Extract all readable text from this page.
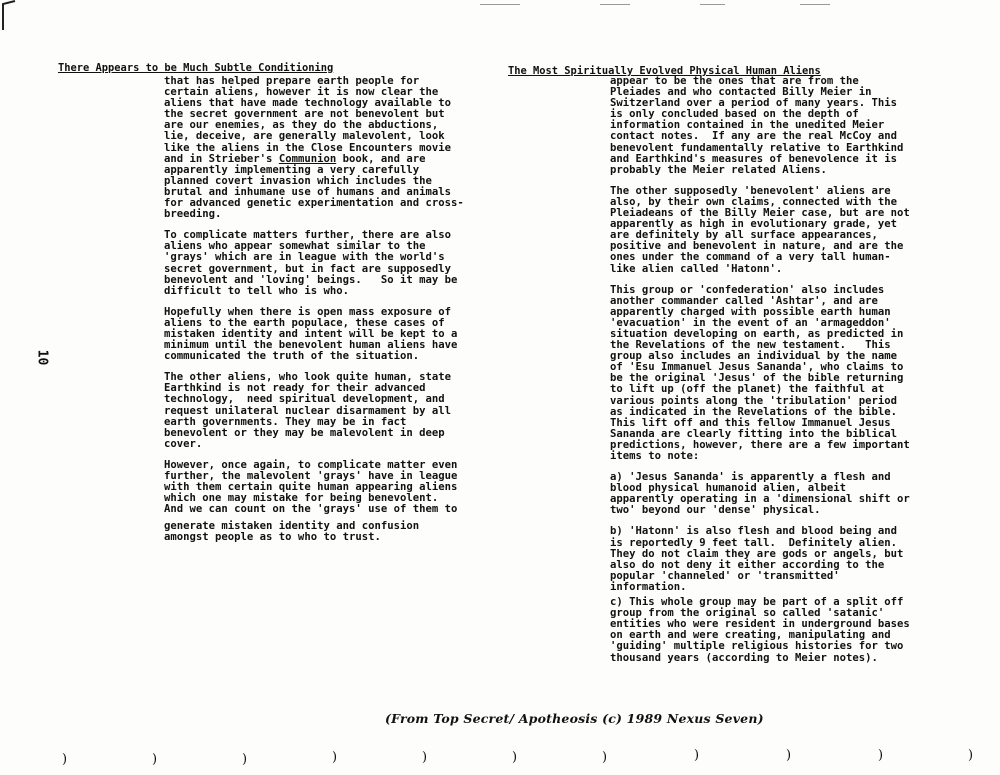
There Appears to be Much Subtle Conditioning

that has helped prepare earth people for
certain aliens, however it is now clear the
aliens that have made technology available to
the secret government are not benevolent but
are our enemies, as they do the abductions,
lie, deceive, are generally malevolent, look
like the aliens in the Close Encounters movie
and in Strieber's Communion book, and are
apparently implementing a very carefully
planned covert invasion which includes the
brutal and inhumane use of humans and animals
for advanced genetic experimentation and cross-
breeding.

To complicate matters further, there are also
aliens who appear somewhat similar to the
'grays' which are in league with the world's
secret government, but in fact are supposedly
benevolent and 'loving' beings.   So it may be
difficult to tell who is who.

Hopefully when there is open mass exposure of
aliens to the earth populace, these cases of
mistaken identity and intent will be kept to a
minimum until the benevolent human aliens have
communicated the truth of the situation.

The other aliens, who look quite human, state
Earthkind is not ready for their advanced
technology,  need spiritual development, and
request unilateral nuclear disarmament by all
earth governments. They may be in fact
benevolent or they may be malevolent in deep
cover.

However, once again, to complicate matter even
further, the malevolent 'grays' have in league
with them certain quite human appearing aliens
which one may mistake for being benevolent.
And we can count on the 'grays' use of them to

generate mistaken identity and confusion
amongst people as to who to trust.

10
The Most Spiritually Evolved Physical Human Aliens

appear to be the ones that are from the
Pleiades and who contacted Billy Meier in
Switzerland over a period of many years. This
is only concluded based on the depth of
information contained in the unedited Meier
contact notes.  If any are the real McCoy and
benevolent fundamentally relative to Earthkind
and Earthkind's measures of benevolence it is
probably the Meier related Aliens.

The other supposedly 'benevolent' aliens are
also, by their own claims, connected with the
Pleiadeans of the Billy Meier case, but are not
apparently as high in evolutionary grade, yet
are definitely by all surface appearances,
positive and benevolent in nature, and are the
ones under the command of a very tall human-
like alien called 'Hatonn'.

This group or 'confederation' also includes
another commander called 'Ashtar', and are
apparently charged with possible earth human
'evacuation' in the event of an 'armageddon'
situation developing on earth, as predicted in
the Revelations of the new testament.   This
group also includes an individual by the name
of 'Esu Immanuel Jesus Sananda', who claims to
be the original 'Jesus' of the bible returning
to lift up (off the planet) the faithful at
various points along the 'tribulation' period
as indicated in the Revelations of the bible.
This lift off and this fellow Immanuel Jesus
Sananda are clearly fitting into the biblical
predictions, however, there are a few important
items to note:

a) 'Jesus Sananda' is apparently a flesh and
blood physical humanoid alien, albeit
apparently operating in a 'dimensional shift or
two' beyond our 'dense' physical.

b) 'Hatonn' is also flesh and blood being and
is reportedly 9 feet tall.  Definitely alien.
They do not claim they are gods or angels, but
also do not deny it either according to the
popular 'channeled' or 'transmitted'
information.

c) This whole group may be part of a split off
group from the original so called 'satanic'
entities who were resident in underground bases
on earth and were creating, manipulating and
'guiding' multiple religious histories for two
thousand years (according to Meier notes).

(From Top Secret/ Apotheosis (c) 1989 Nexus Seven)
)	)	)	)	)	)	)	)	)	)	)
